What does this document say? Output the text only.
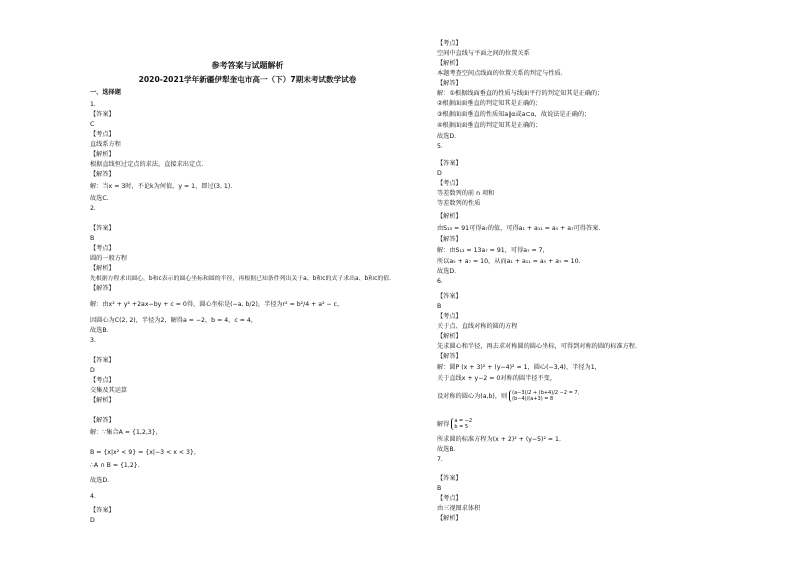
参考答案与试题解析
2020-2021学年新疆伊犁奎屯市高一（下）7期末考试数学试卷
一、选择题
1.
【答案】
C
【考点】
直线系方程
【解析】
根据直线恒过定点的求法，直接求出定点.
【解答】
解：当x = 3时，不论k为何值，y = 1，即过(3, 1).
故选C.
2.
【答案】
B
【考点】
圆的一般方程
【解析】
先根据方程求出圆心，b和c表示的圆心坐标和圆的半径，再根据已知条件列出关于a、b和c的式子求出a、b和c的值.
【解答】
解：由x² + y² +2ax−by + c = 0得，圆心坐标是(−a, b/2)，半径为r² = b²/4 + a² − c，
因圆心为C(2, 2)，半径为2，解得a = −2，b = 4，c = 4，
故选B.
3.
【答案】
D
【考点】
交集及其运算
【解析】
【解答】
解：∵集合A = {1,2,3}，
B = {x|x² < 9} = {x|−3 < x < 3}，
∴A ∩ B = {1,2}.
故选D.
4.
【答案】
D
【考点】
空间中直线与平面之间的位置关系
【解析】
本题考查空间点线面的位置关系的判定与性质.
【解答】
解：①根据线面垂直的性质与线面平行的判定知其是正确的；
②根据面面垂直的判定知其是正确的；
③根据面面垂直的性质知a∥α或a⊂α，故说法是正确的；
④根据面面垂直的判定知其是正确的；
故选D.
5.
【答案】
D
【考点】
等差数列的前 n 项和
等差数列的性质
【解析】
由S₁₃ = 91可得a₇的值，可得a₁ + a₁₁ = a₅ + a₇可得答案.
【解答】
解：由S₁₃ = 13a₇ = 91，可得a₇ = 7，
所以a₅ + a₇ = 10，从而a₁ + a₁₁ = a₅ + a₇ = 10.
故选D.
6.
【答案】
B
【考点】
关于点、直线对称的圆的方程
【解析】
先求圆心和半径，再去求对称圆的圆心坐标，可得到对称的圆的标准方程.
【解答】
解：圆P (x + 3)² + (y−4)² = 1，圆心(−3,4)，半径为1，
关于直线x + y−2 = 0对称的圆半径不变，
设对称的圆心为(a,b)，则 (a−3)/2 + (b+4)/2 −2 = 7，
(b−4)/(a+3) = 8
解得 a = −2
b = 5
所求圆的标准方程为(x + 2)² + (y−5)² = 1.
故选B.
7.
【答案】
B
【考点】
由三视图求体积
【解析】
